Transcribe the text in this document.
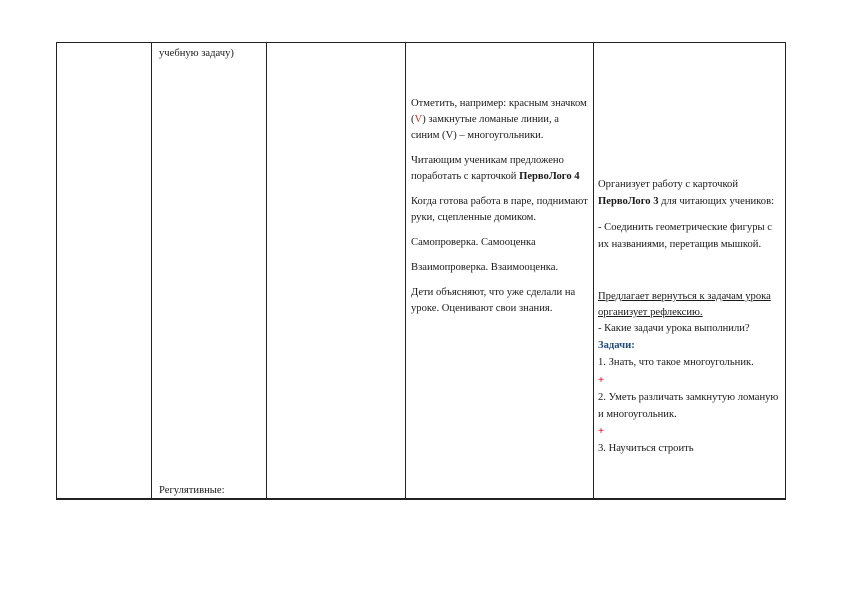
учебную задачу)
Регулятивные:

Отметить, например: красным значком (V) замкнутые ломаные линии, а синим (V) – многоугольники.

Читающим ученикам предложено поработать с карточкой ПервоЛого 4

Когда готова работа в паре, поднимают руки, сцепленные домиком.

Самопроверка. Самооценка

Взаимопроверка. Взаимооценка.

Дети объясняют, что уже сделали на уроке. Оценивают свои знания.

Организует работу с карточкой ПервоЛого 3 для читающих учеников:

- Соединить геометрические фигуры с их названиями, перетащив мышкой.

Предлагает вернуться к задачам урока организует рефлексию.

- Какие задачи урока выполнили?

Задачи:

1. Знать, что такое многоугольник.

+

2. Уметь различать замкнутую ломаную и многоугольник.

+

3. Научиться строить
